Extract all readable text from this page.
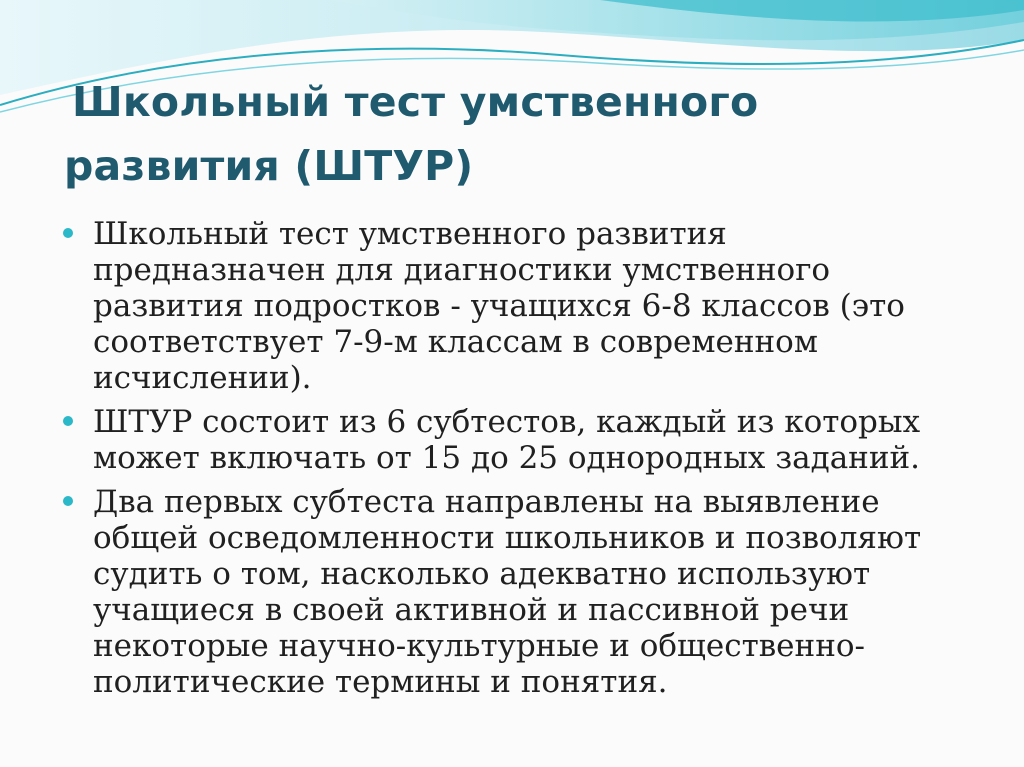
Школьный тест умственного
развития (ШТУР)
Школьный тест умственного развития предназначен для диагностики умственного развития подростков - учащихся 6-8 классов (это соответствует 7-9-м классам в современном исчислении).
ШТУР состоит из 6 субтестов, каждый из которых может включать от 15 до 25 однородных заданий.
Два первых субтеста направлены на выявление общей осведомленности школьников и позволяют судить о том, насколько адекватно используют учащиеся в своей активной и пассивной речи некоторые научно-культурные и общественно-политические термины и понятия.
